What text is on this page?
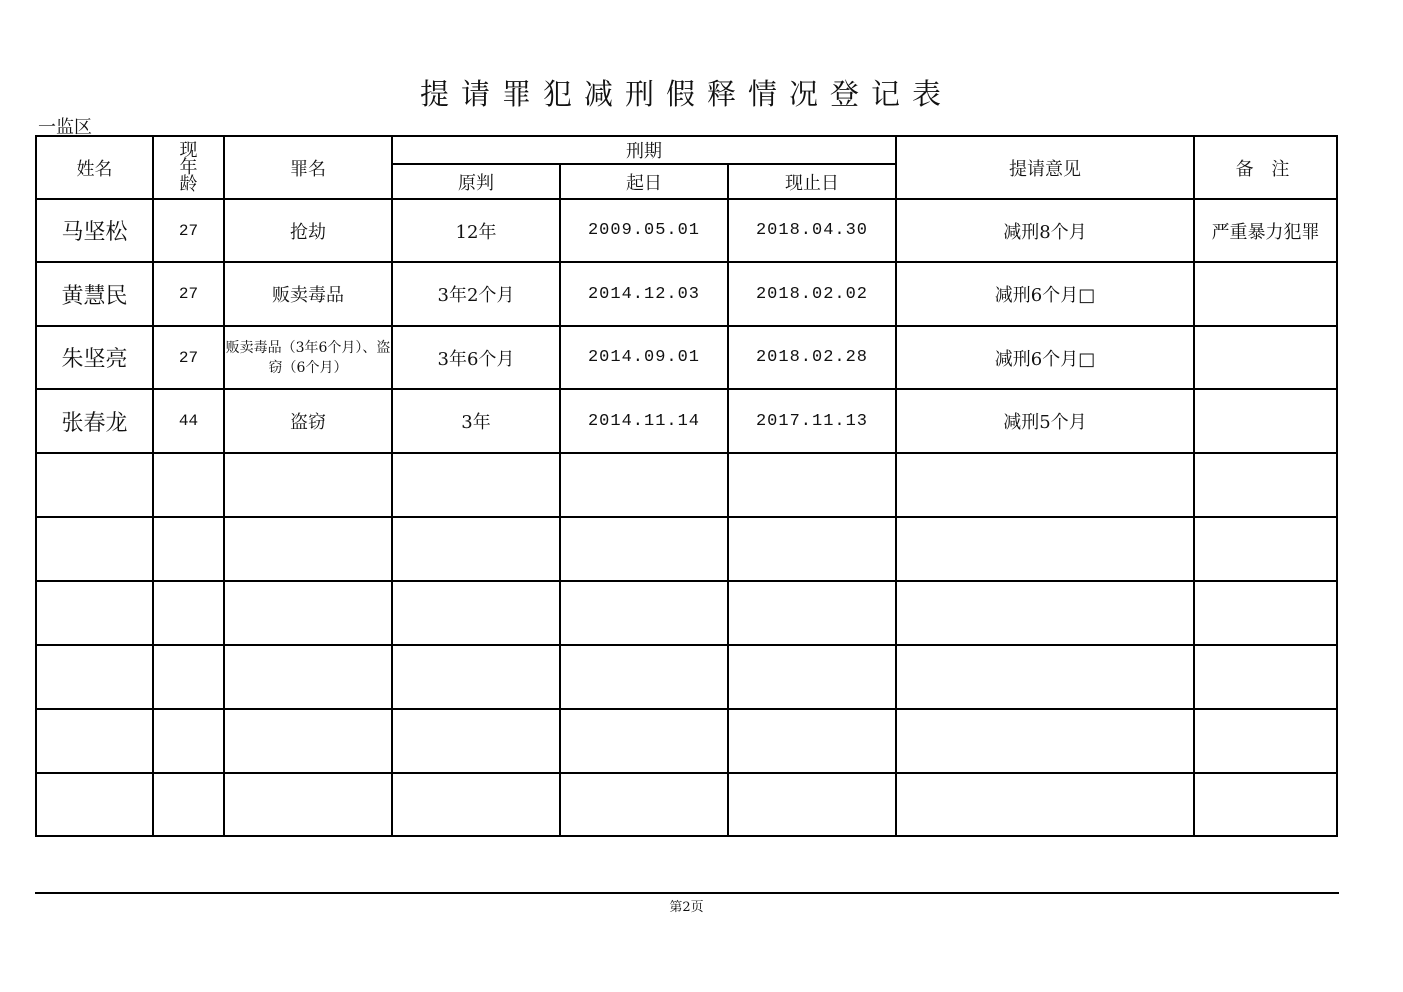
提请罪犯减刑假释情况登记表
一监区
姓名	现
年
龄	罪名	刑期			提请意见	备 注
			原判	起日	现止日		
马坚松	27	抢劫	12年	2009.05.01	2018.04.30	减刑8个月	严重暴力犯罪
黄慧民	27	贩卖毒品	3年2个月	2014.12.03	2018.02.02	减刑6个月□	
朱坚亮	27	贩卖毒品（3年6个月）、盗窃（6个月）	3年6个月	2014.09.01	2018.02.28	减刑6个月□	
张春龙	44	盗窃	3年	2014.11.14	2017.11.13	减刑5个月	

第2页
